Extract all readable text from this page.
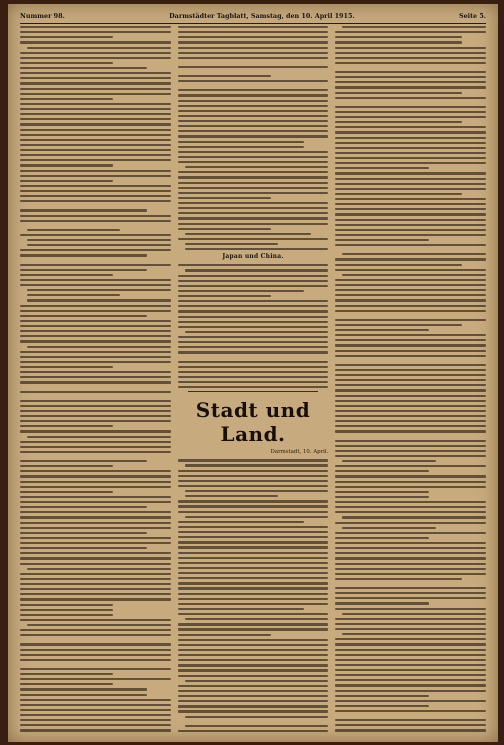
Nummer 98.	Darmstädter Tagblatt, Samstag, den 10. April 1915.	Seite 5.
Japan und China.
Stadt und Land.
Darmstadt, 10. April.
